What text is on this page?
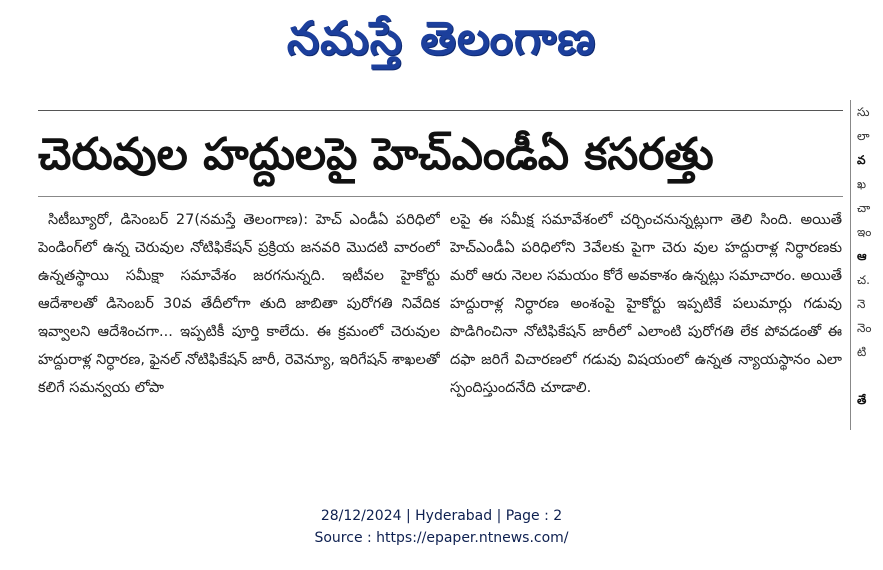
నమస్తే తెలంగాణ
చెరువుల హద్దులపై హెచ్‌ఎండీఏ కసరత్తు
సిటీబ్యూరో, డిసెంబర్ 27(నమస్తే తెలంగాణ): హెచ్ ఎండీఏ పరిధిలో పెండింగ్‌లో ఉన్న చెరువుల నోటిఫికేషన్ ప్రక్రియ జనవరి మొదటి వారంలో ఉన్నతస్థాయి సమీక్షా సమావేశం జరగనున్నది. ఇటీవల హైకోర్టు ఆదేశాలతో డిసెంబర్ 30వ తేదీలోగా తుది జాబితా పురోగతి నివేదిక ఇవ్వాలని ఆదేశించగా... ఇప్పటికీ పూర్తి కాలేదు. ఈ క్రమంలో చెరువుల హద్దురాళ్ల నిర్ధారణ, ఫైనల్ నోటిఫికేషన్ జారీ, రెవెన్యూ, ఇరిగేషన్ శాఖలతో కలిగే సమన్వయ లోపా
లపై ఈ సమీక్ష సమావేశంలో చర్చించనున్నట్లుగా తెలి సింది. అయితే హెచ్‌ఎండీఏ పరిధిలోని 3వేలకు పైగా చెరు వుల హద్దురాళ్ల నిర్ధారణకు మరో ఆరు నెలల సమయం కోరే అవకాశం ఉన్నట్లు సమాచారం. అయితే హద్దురాళ్ల నిర్ధారణ అంశంపై హైకోర్టు ఇప్పటికే పలుమార్లు గడువు పొడిగించినా నోటిఫికేషన్ జారీలో ఎలాంటి పురోగతి లేక పోవడంతో ఈ దఫా జరిగే విచారణలో గడువు విషయంలో ఉన్నత న్యాయస్థానం ఎలా స్పందిస్తుందనేది చూడాలి.
సు
లా
వ
ఖ
చా
ఇం
ఆ
చ.
నె
నెం
టి
తే
28/12/2024 | Hyderabad | Page : 2
Source : https://epaper.ntnews.com/
